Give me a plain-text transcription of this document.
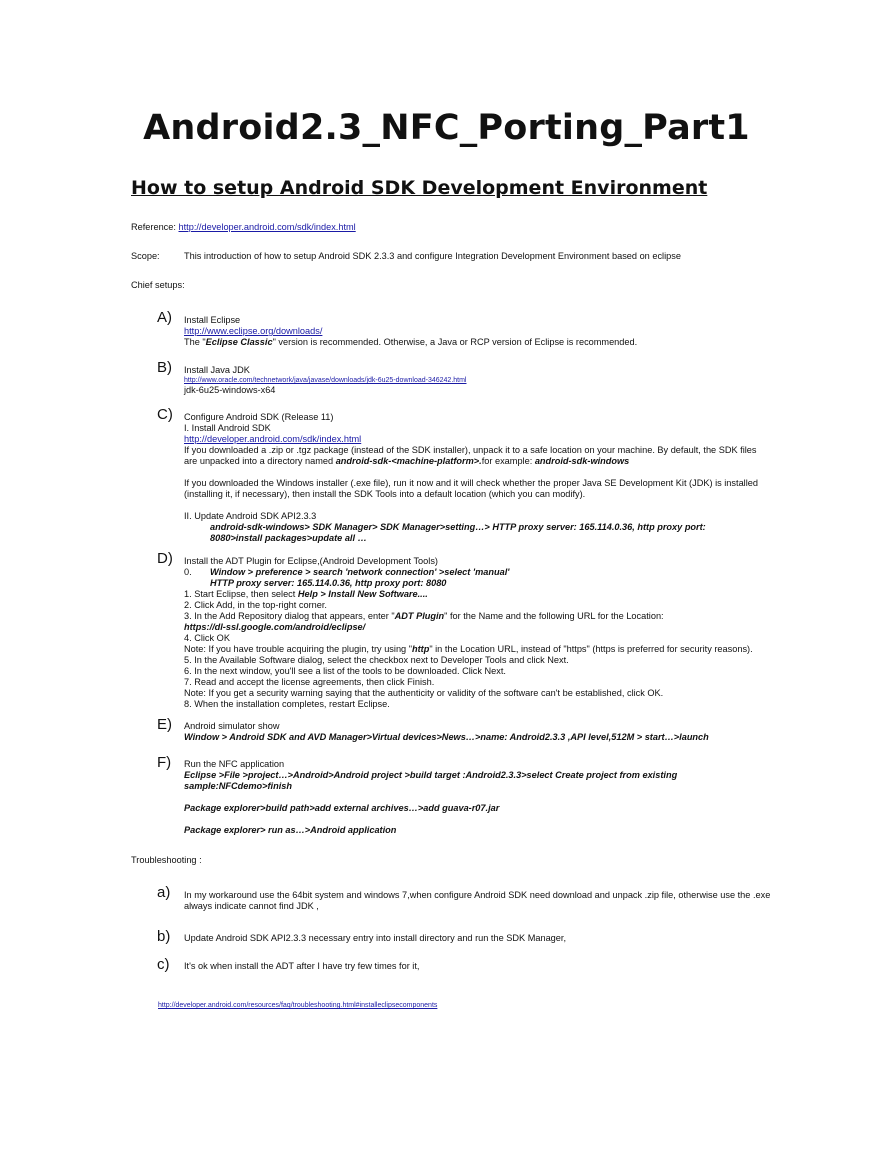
Android2.3_NFC_Porting_Part1
How to setup Android SDK Development Environment
Reference: http://developer.android.com/sdk/index.html
Scope:	This introduction of how to setup Android SDK 2.3.3 and configure Integration Development Environment based on eclipse
Chief setups:
A) Install Eclipse
http://www.eclipse.org/downloads/
The "Eclipse Classic" version is recommended. Otherwise, a Java or RCP version of Eclipse is recommended.
B) Install Java JDK
http://www.oracle.com/technetwork/java/javase/downloads/jdk-6u25-download-346242.html
jdk-6u25-windows-x64
C) Configure Android SDK (Release 11)
I. Install Android SDK
http://developer.android.com/sdk/index.html
If you downloaded a .zip or .tgz package (instead of the SDK installer), unpack it to a safe location on your machine. By default, the SDK files are unpacked into a directory named android-sdk-<machine-platform>.for example: android-sdk-windows
If you downloaded the Windows installer (.exe file), run it now and it will check whether the proper Java SE Development Kit (JDK) is installed (installing it, if necessary), then install the SDK Tools into a default location (which you can modify).
II. Update Android SDK API2.3.3
android-sdk-windows> SDK Manager> SDK Manager>setting…> HTTP proxy server: 165.114.0.36, http proxy port:
8080>install packages>update all …
D) Install the ADT Plugin for Eclipse,(Android Development Tools)
0. Window > preference > search 'network connection' >select 'manual'
HTTP proxy server: 165.114.0.36, http proxy port: 8080
1. Start Eclipse, then select Help > Install New Software....
2. Click Add, in the top-right corner.
3. In the Add Repository dialog that appears, enter "ADT Plugin" for the Name and the following URL for the Location:
https://dl-ssl.google.com/android/eclipse/
4. Click OK
Note: If you have trouble acquiring the plugin, try using "http" in the Location URL, instead of "https" (https is preferred for security reasons).
5. In the Available Software dialog, select the checkbox next to Developer Tools and click Next.
6. In the next window, you'll see a list of the tools to be downloaded. Click Next.
7. Read and accept the license agreements, then click Finish.
Note: If you get a security warning saying that the authenticity or validity of the software can't be established, click OK.
8. When the installation completes, restart Eclipse.
E) Android simulator show
Window > Android SDK and AVD Manager>Virtual devices>News…>name: Android2.3.3 ,API level,512M > start…>launch
F) Run the NFC application
Eclipse >File >project…>Android>Android project >build target :Android2.3.3>select Create project from existing
sample:NFCdemo>finish
Package explorer>build path>add external archives…>add guava-r07.jar
Package explorer> run as…>Android application
Troubleshooting :
a) In my workaround use the 64bit system and windows 7,when configure Android SDK need download and unpack .zip file, otherwise use the .exe
always indicate cannot find JDK ,
b) Update Android SDK API2.3.3 necessary entry into install directory and run the SDK Manager,
c) It's ok when install the ADT after I have try few times for it,
http://developer.android.com/resources/faq/troubleshooting.html#installeclipsecomponents
